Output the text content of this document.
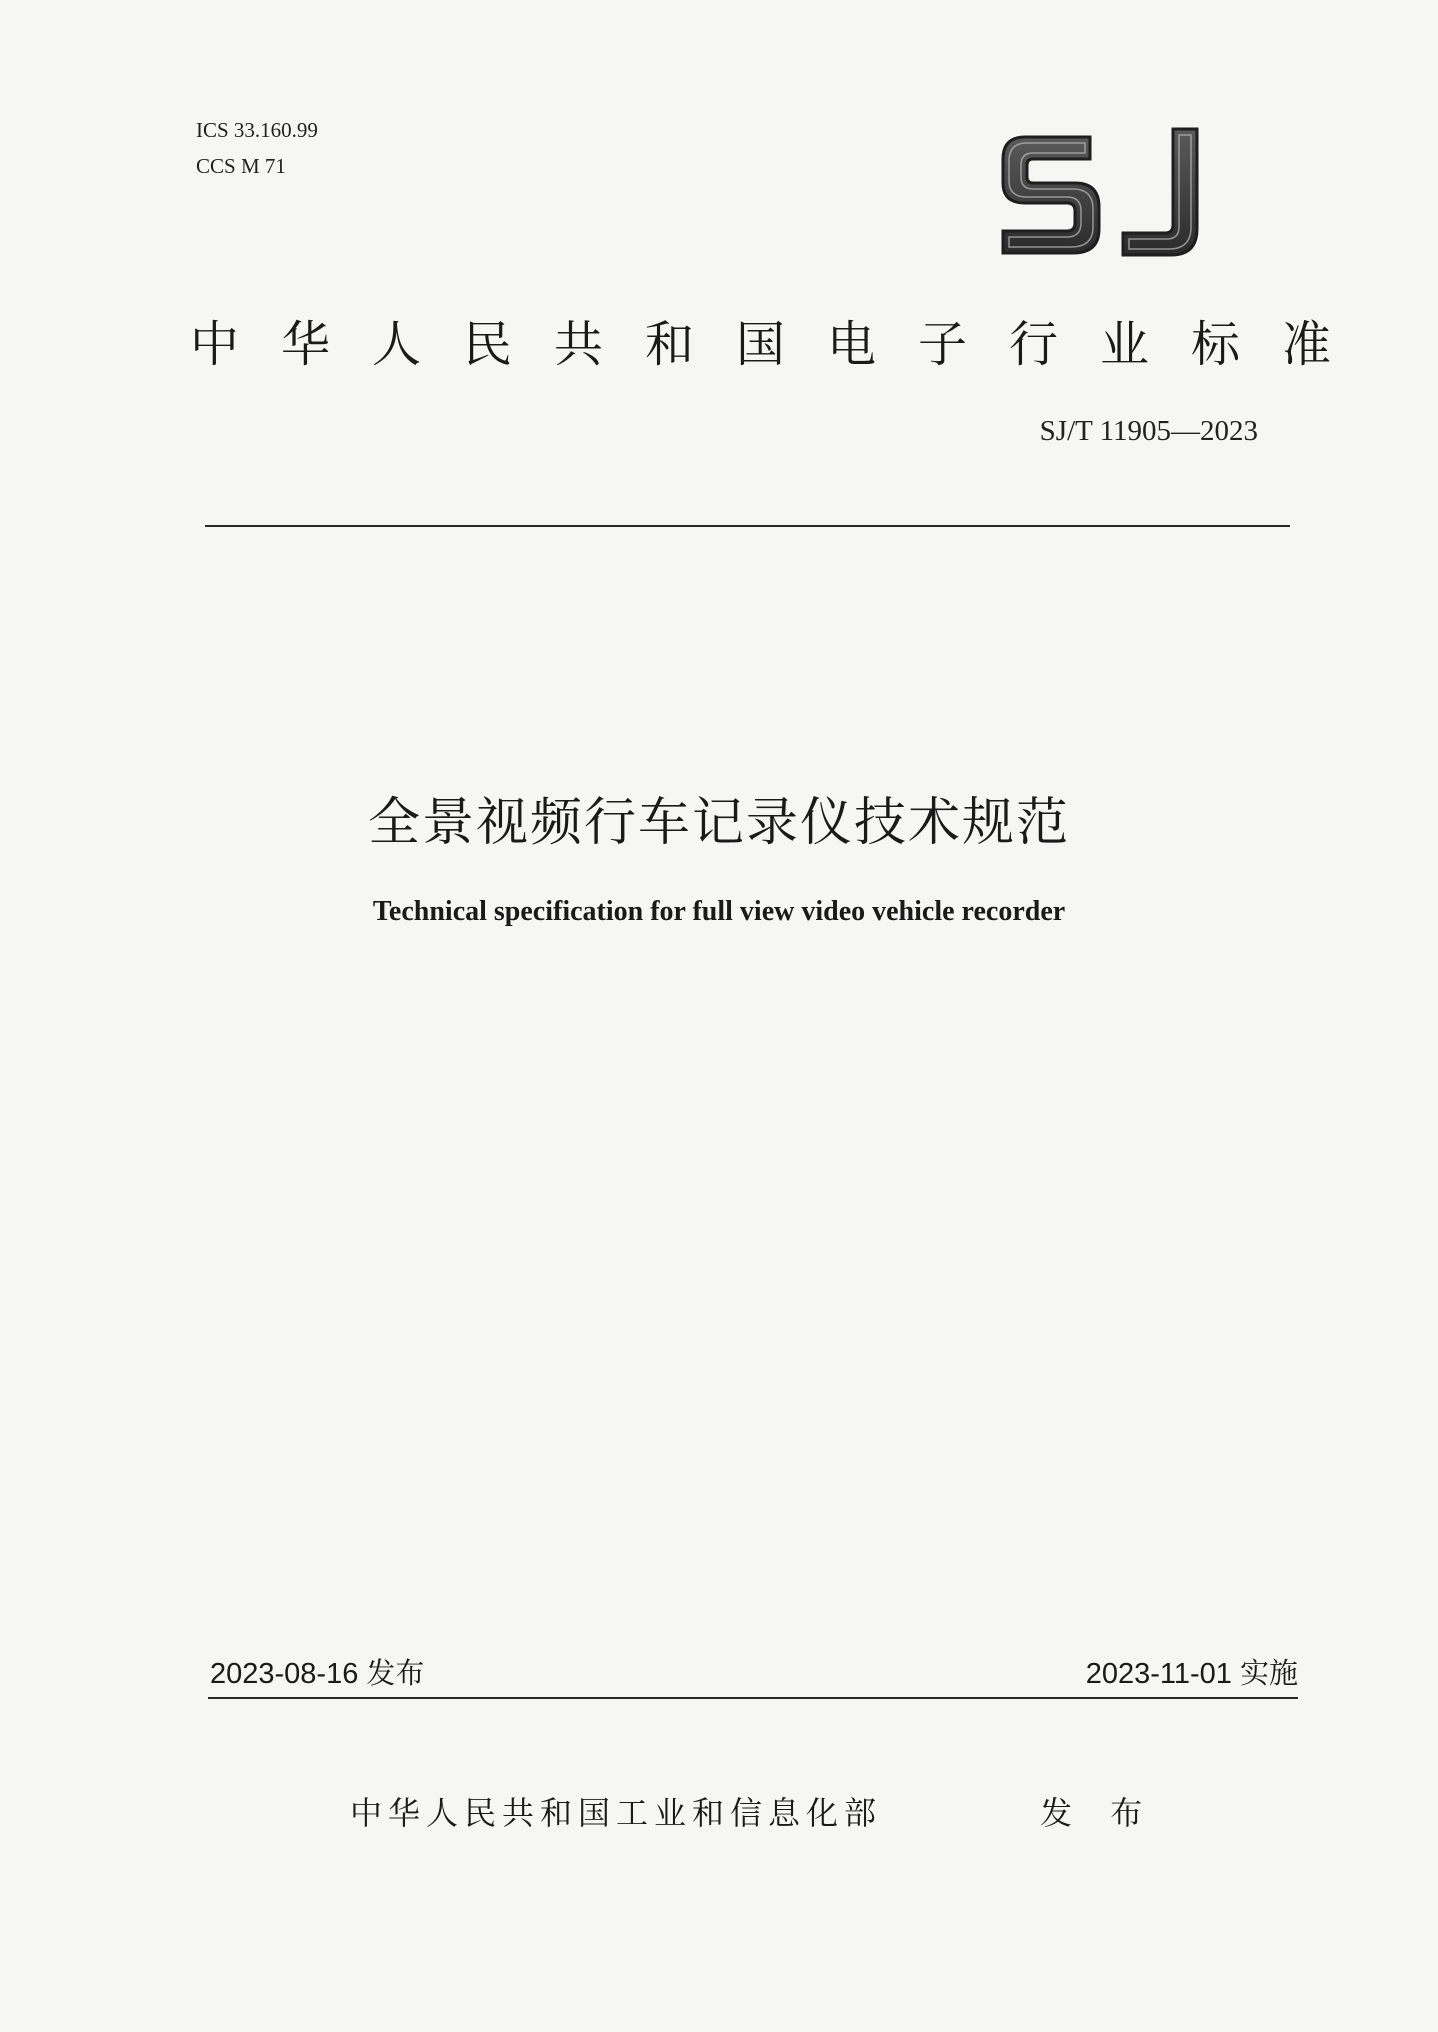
ICS 33.160.99
CCS M 71
中华人民共和国电子行业标准
SJ/T 11905—2023
全景视频行车记录仪技术规范
Technical specification for full view video vehicle recorder
2023-08-16 发布	2023-11-01 实施
中华人民共和国工业和信息化部	发 布
